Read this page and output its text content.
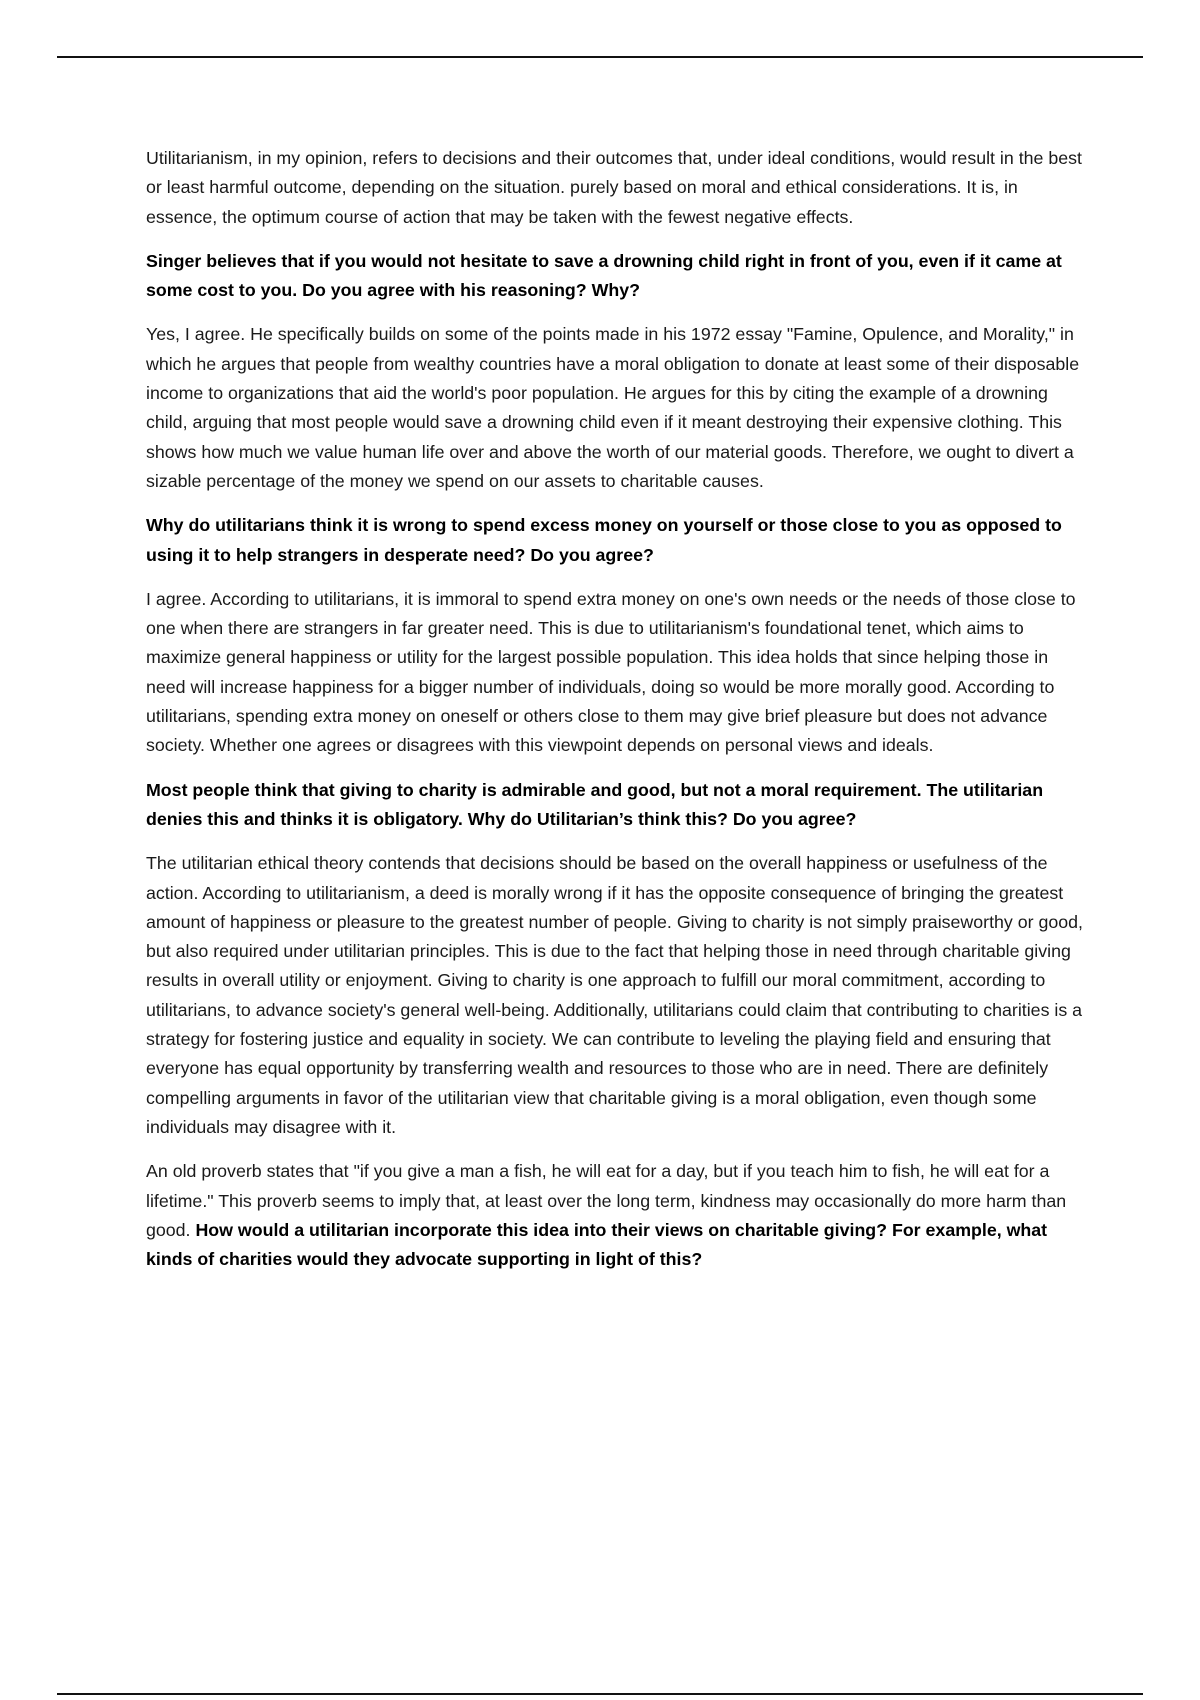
Utilitarianism, in my opinion, refers to decisions and their outcomes that, under ideal conditions, would result in the best or least harmful outcome, depending on the situation. purely based on moral and ethical considerations. It is, in essence, the optimum course of action that may be taken with the fewest negative effects.

Singer believes that if you would not hesitate to save a drowning child right in front of you, even if it came at some cost to you. Do you agree with his reasoning? Why?

Yes, I agree. He specifically builds on some of the points made in his 1972 essay "Famine, Opulence, and Morality," in which he argues that people from wealthy countries have a moral obligation to donate at least some of their disposable income to organizations that aid the world's poor population. He argues for this by citing the example of a drowning child, arguing that most people would save a drowning child even if it meant destroying their expensive clothing. This shows how much we value human life over and above the worth of our material goods. Therefore, we ought to divert a sizable percentage of the money we spend on our assets to charitable causes.

Why do utilitarians think it is wrong to spend excess money on yourself or those close to you as opposed to using it to help strangers in desperate need? Do you agree?

I agree. According to utilitarians, it is immoral to spend extra money on one's own needs or the needs of those close to one when there are strangers in far greater need. This is due to utilitarianism's foundational tenet, which aims to maximize general happiness or utility for the largest possible population. This idea holds that since helping those in need will increase happiness for a bigger number of individuals, doing so would be more morally good. According to utilitarians, spending extra money on oneself or others close to them may give brief pleasure but does not advance society. Whether one agrees or disagrees with this viewpoint depends on personal views and ideals.

Most people think that giving to charity is admirable and good, but not a moral requirement. The utilitarian denies this and thinks it is obligatory. Why do Utilitarian’s think this? Do you agree?

The utilitarian ethical theory contends that decisions should be based on the overall happiness or usefulness of the action. According to utilitarianism, a deed is morally wrong if it has the opposite consequence of bringing the greatest amount of happiness or pleasure to the greatest number of people. Giving to charity is not simply praiseworthy or good, but also required under utilitarian principles. This is due to the fact that helping those in need through charitable giving results in overall utility or enjoyment. Giving to charity is one approach to fulfill our moral commitment, according to utilitarians, to advance society's general well-being. Additionally, utilitarians could claim that contributing to charities is a strategy for fostering justice and equality in society. We can contribute to leveling the playing field and ensuring that everyone has equal opportunity by transferring wealth and resources to those who are in need. There are definitely compelling arguments in favor of the utilitarian view that charitable giving is a moral obligation, even though some individuals may disagree with it.

An old proverb states that "if you give a man a fish, he will eat for a day, but if you teach him to fish, he will eat for a lifetime." This proverb seems to imply that, at least over the long term, kindness may occasionally do more harm than good. How would a utilitarian incorporate this idea into their views on charitable giving? For example, what kinds of charities would they advocate supporting in light of this?
